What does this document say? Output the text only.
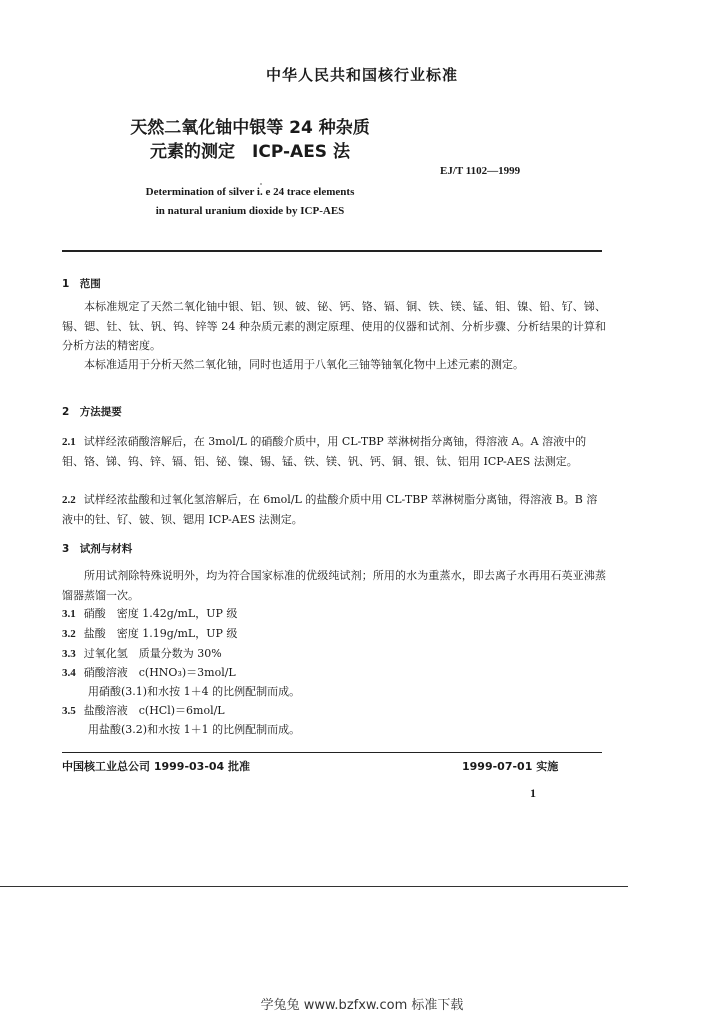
中华人民共和国核行业标准
天然二氧化铀中银等 24 种杂质
元素的测定　ICP-AES 法
EJ/T 1102—1999
Determination of silver i. e 24 trace elements
in natural uranium dioxide by ICP-AES
1　范围
本标准规定了天然二氧化铀中银、铝、钡、铍、铋、钙、铬、镉、铜、铁、镁、锰、钼、镍、铅、钌、锑、锡、锶、钍、钛、钒、钨、锌等 24 种杂质元素的测定原理、使用的仪器和试剂、分析步骤、分析结果的计算和分析方法的精密度。
本标准适用于分析天然二氧化铀，同时也适用于八氧化三铀等铀氧化物中上述元素的测定。
2　方法提要
2.1 试样经浓硝酸溶解后，在 3mol/L 的硝酸介质中，用 CL-TBP 萃淋树指分离铀，得溶液 A。A 溶液中的钼、铬、锑、钨、锌、镉、铝、铋、镍、锡、锰、铁、镁、钒、钙、铜、银、钛、铝用 ICP-AES 法测定。
2.2 试样经浓盐酸和过氧化氢溶解后，在 6mol/L 的盐酸介质中用 CL-TBP 萃淋树脂分离铀，得溶液 B。B 溶液中的钍、钌、铍、钡、锶用 ICP-AES 法测定。
3　试剂与材料
所用试剂除特殊说明外，均为符合国家标准的优级纯试剂；所用的水为重蒸水，即去离子水再用石英亚沸蒸馏器蒸馏一次。
3.1 硝酸　密度 1.42g/mL，UP 级
3.2 盐酸　密度 1.19g/mL，UP 级
3.3 过氧化氢　质量分数为 30%
3.4 硝酸溶液　c(HNO₃)＝3mol/L
用硝酸(3.1)和水按 1＋4 的比例配制而成。
3.5 盐酸溶液　c(HCl)＝6mol/L
用盐酸(3.2)和水按 1＋1 的比例配制而成。
中国核工业总公司 1999-03-04 批准	1999-07-01 实施
1
学兔兔 www.bzfxw.com 标准下载
